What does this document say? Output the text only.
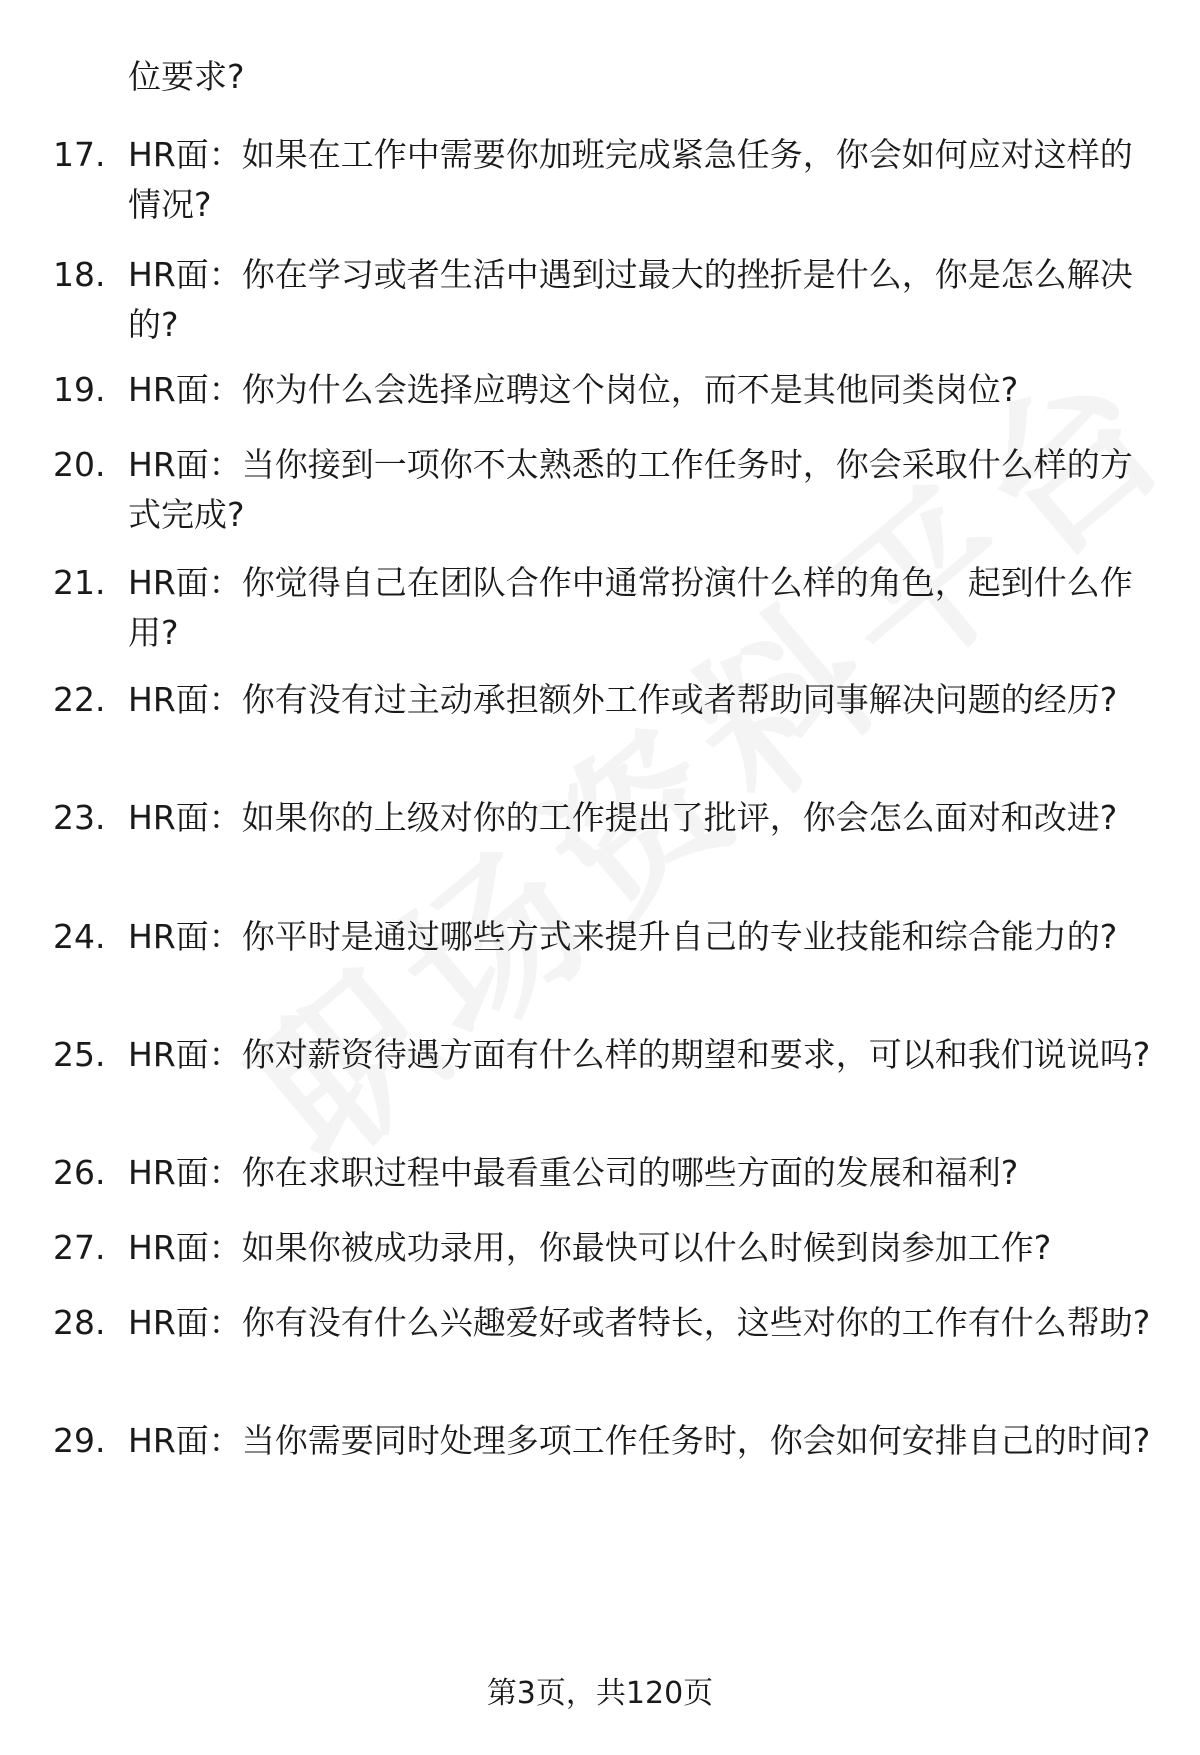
位要求?

17. HR面：如果在工作中需要你加班完成紧急任务，你会如何应对这样的情况?

18. HR面：你在学习或者生活中遇到过最大的挫折是什么，你是怎么解决的?

19. HR面：你为什么会选择应聘这个岗位，而不是其他同类岗位?

20. HR面：当你接到一项你不太熟悉的工作任务时，你会采取什么样的方式完成?

21. HR面：你觉得自己在团队合作中通常扮演什么样的角色，起到什么作用?

22. HR面：你有没有过主动承担额外工作或者帮助同事解决问题的经历?

23. HR面：如果你的上级对你的工作提出了批评，你会怎么面对和改进?

24. HR面：你平时是通过哪些方式来提升自己的专业技能和综合能力的?

25. HR面：你对薪资待遇方面有什么样的期望和要求，可以和我们说说吗?

26. HR面：你在求职过程中最看重公司的哪些方面的发展和福利?

27. HR面：如果你被成功录用，你最快可以什么时候到岗参加工作?

28. HR面：你有没有什么兴趣爱好或者特长，这些对你的工作有什么帮助?

29. HR面：当你需要同时处理多项工作任务时，你会如何安排自己的时间?

第3页，共120页
